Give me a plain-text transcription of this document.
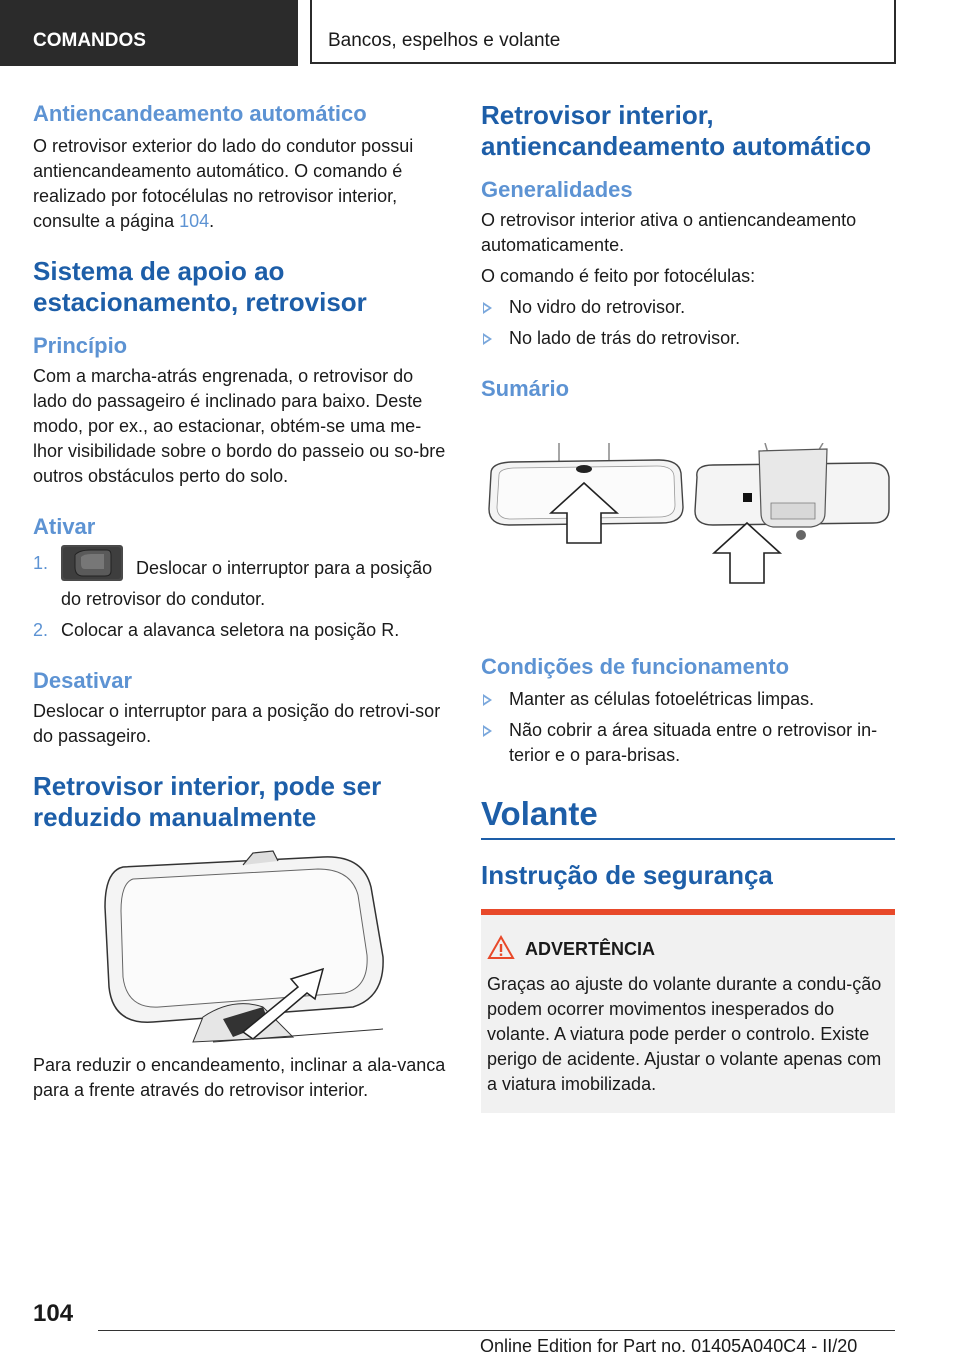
COMANDOS	Bancos, espelhos e volante
Antiencandeamento automático

O retrovisor exterior do lado do condutor possui antiencandeamento automático. O comando é realizado por fotocélulas no retrovisor interior, consulte a página 104.

Sistema de apoio ao
estacionamento, retrovisor
Princípio

Com a marcha-atrás engrenada, o retrovisor do lado do passageiro é inclinado para baixo. Deste modo, por ex., ao estacionar, obtém-se uma me-lhor visibilidade sobre o bordo do passeio ou so-bre outros obstáculos perto do solo.

Ativar
1.	Deslocar o interruptor para a posição do retrovisor do condutor.
2. Colocar a alavanca seletora na posição R.
Desativar

Deslocar o interruptor para a posição do retrovi-sor do passageiro.

Retrovisor interior, pode ser
reduzido manualmente

Para reduzir o encandeamento, inclinar a ala-vanca para a frente através do retrovisor interior.

Retrovisor interior,
antiencandeamento automático
Generalidades

O retrovisor interior ativa o antiencandeamento automaticamente.

O comando é feito por fotocélulas:

No vidro do retrovisor.
No lado de trás do retrovisor.
Sumário
Condições de funcionamento
Manter as células fotoelétricas limpas.
Não cobrir a área situada entre o retrovisor in-terior e o para-brisas.
Volante
Instrução de segurança
ADVERTÊNCIA

Graças ao ajuste do volante durante a condu-ção podem ocorrer movimentos inesperados do volante. A viatura pode perder o controlo. Existe perigo de acidente. Ajustar o volante apenas com a viatura imobilizada.

104
Online Edition for Part no. 01405A040C4 - II/20
